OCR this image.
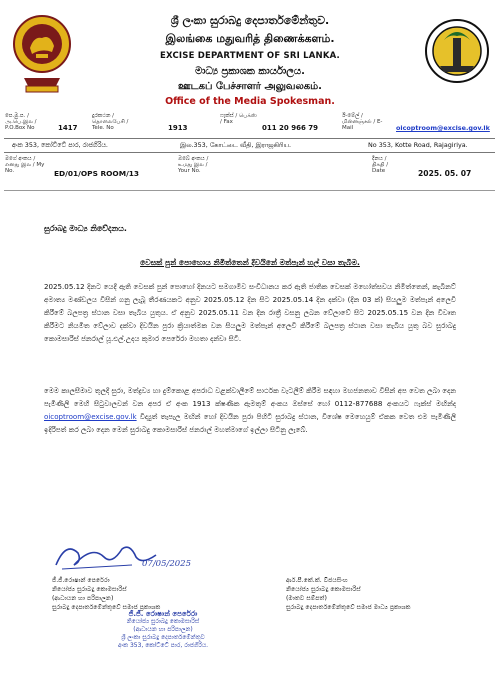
ශ්‍රී ලංකා සුරාබදු දෙපාර්තමේන්තුව.
இலங்கை மதுவரித் திணைக்களம்.
EXCISE DEPARTMENT OF SRI LANKA.
මාධ්‍ය ප්‍රකාශක කාර්යාලය.
ஊடகப் பேச்சாளர் அலுவலகம்.
Office of the Media Spokesman.
පෙ.මු.ප. / அ.பெ.இல / P.O.Box No	1417
දුරකථන / தொலைபேசி / Tele. No	1913
ෆැක්ස් / பெக்ஸ் / Fax
011 20 966 79
ඊ-මේල් / மின்னஞ்சல் / E-Mail	oicoptroom@excise.gov.lk
අංක 353, කෝට්ටේ පාර, රාජගිරිය.	இல.353, கோட்டை வீதி, இராஜகிரிய.	No 353, Kotte Road, Rajagiriya.
මගේ අංකය / எனது இல / My No.	ED/01/OPS ROOM/13
ඔබේ අංකය / உமது இல / Your No.
දිනය / திகதி / Date	2025. 05. 07
සුරාබදු මාධ්‍ය නිවේදනය.
වෙසක් පුන් පොහොය නිමිත්තෙන් දිවයිනේ මත්පැන් හල් වසා තැබීම.
2025.05.12 දිනට යෙදී ඇති වෙසක් පුන් පොහෝ දිනයට සමගාමීව සංවිධානය කර ඇති ජාතික වෙසක් මහෝත්සවය නිමිත්තෙන්, කැබිනට් අමාත්‍ය මණ්ඩලය විසින් ගනු ලැබූ තීරණයකට අනුව 2025.05.12 දින සිට 2025.05.14 දින දක්වා (දින 03 ක්) සියලුම මත්පැන් අලෙවි කිරීමේ බලපත්‍ර ස්ථාන වසා තැබිය යුතුය. ඒ අනුව 2025.05.11 වන දින රාත්‍රී වසනු ලබන වේලාවේ සිට 2025.05.15 වන දින විවෘත කිරීමට නියමිත වේලාව දක්වා දිවයින පුරා ක්‍රියාත්මක වන සියලුම මත්පැන් අලෙවි කිරීමේ බලපත්‍ර ස්ථාන වසා තැබිය යුතු බව සුරාබදු කොමසාරිස් ජනරාල් යූ.එල්.උදය කුමාර පෙරේරා මහතා දන්වා සිටී.
මෙම කාලසීමාව තුලදී සුරා, මත්ද්‍රව්‍ය හා දුම්කොළ අපරාධ වළක්වාලීමේ සාර්ථක වැටලීම් කිරීම සඳහා මහජනතාව විසින් අප වෙත ලබා දෙන පැමිණිලි මෙහි සිටුවාලවන් වන අපර ඒ අංක 1913 ක්ෂණික ඇමතුම් අංකය ඔස්සේ හෝ 0112-877688 අංකයට ෆැක්ස් මඟින්ද oicoptroom@excise.gov.lk විද්‍යුත් තැපැල මඟින් හෝ දිවයින පුරා පිහිටි සුරාබදු ස්ථාන, විශේෂ මෙහෙයුම් ඒකක වෙත එම පැමිණිලි ඉදිරිපත් කර ලබා දෙන මෙන් සුරාබදු කොමසාරිස් ජනරාල් මහත්මාගේ ඉල්ලා සිටිනු ලැබේ.
07/05/2025
ජී.ජී.රොෂාන් පෙරේරා
නියෝජ්‍ය සුරාබදු කොමසාරිස්
(ආධායන හා පරිපාලන)
සුරාබදු දෙපාර්තමේන්තුවේ සමාජ ප්‍රකාශක
ජී.ජී. රොෂාන් පෙරේරා
නියෝජ්‍ය සුරාබදු කොමසාරිස්
(ආධායන හා පරිපාලන)
ශ්‍රී ලංකා සුරාබදු දෙපාර්තමේන්තුව
අංක 353, කෝට්ටේ පාර, රාජගිරිය.
ආර්.පී.කේ.ක්. විජයසිංහ
නියෝජ්‍ය සුරාබදු කොමසාරිස්
(මාතව සම්පත්)
සුරාබදු දෙපාර්තමේන්තුවේ සමාජ මාධ්‍ය ප්‍රකාශක
